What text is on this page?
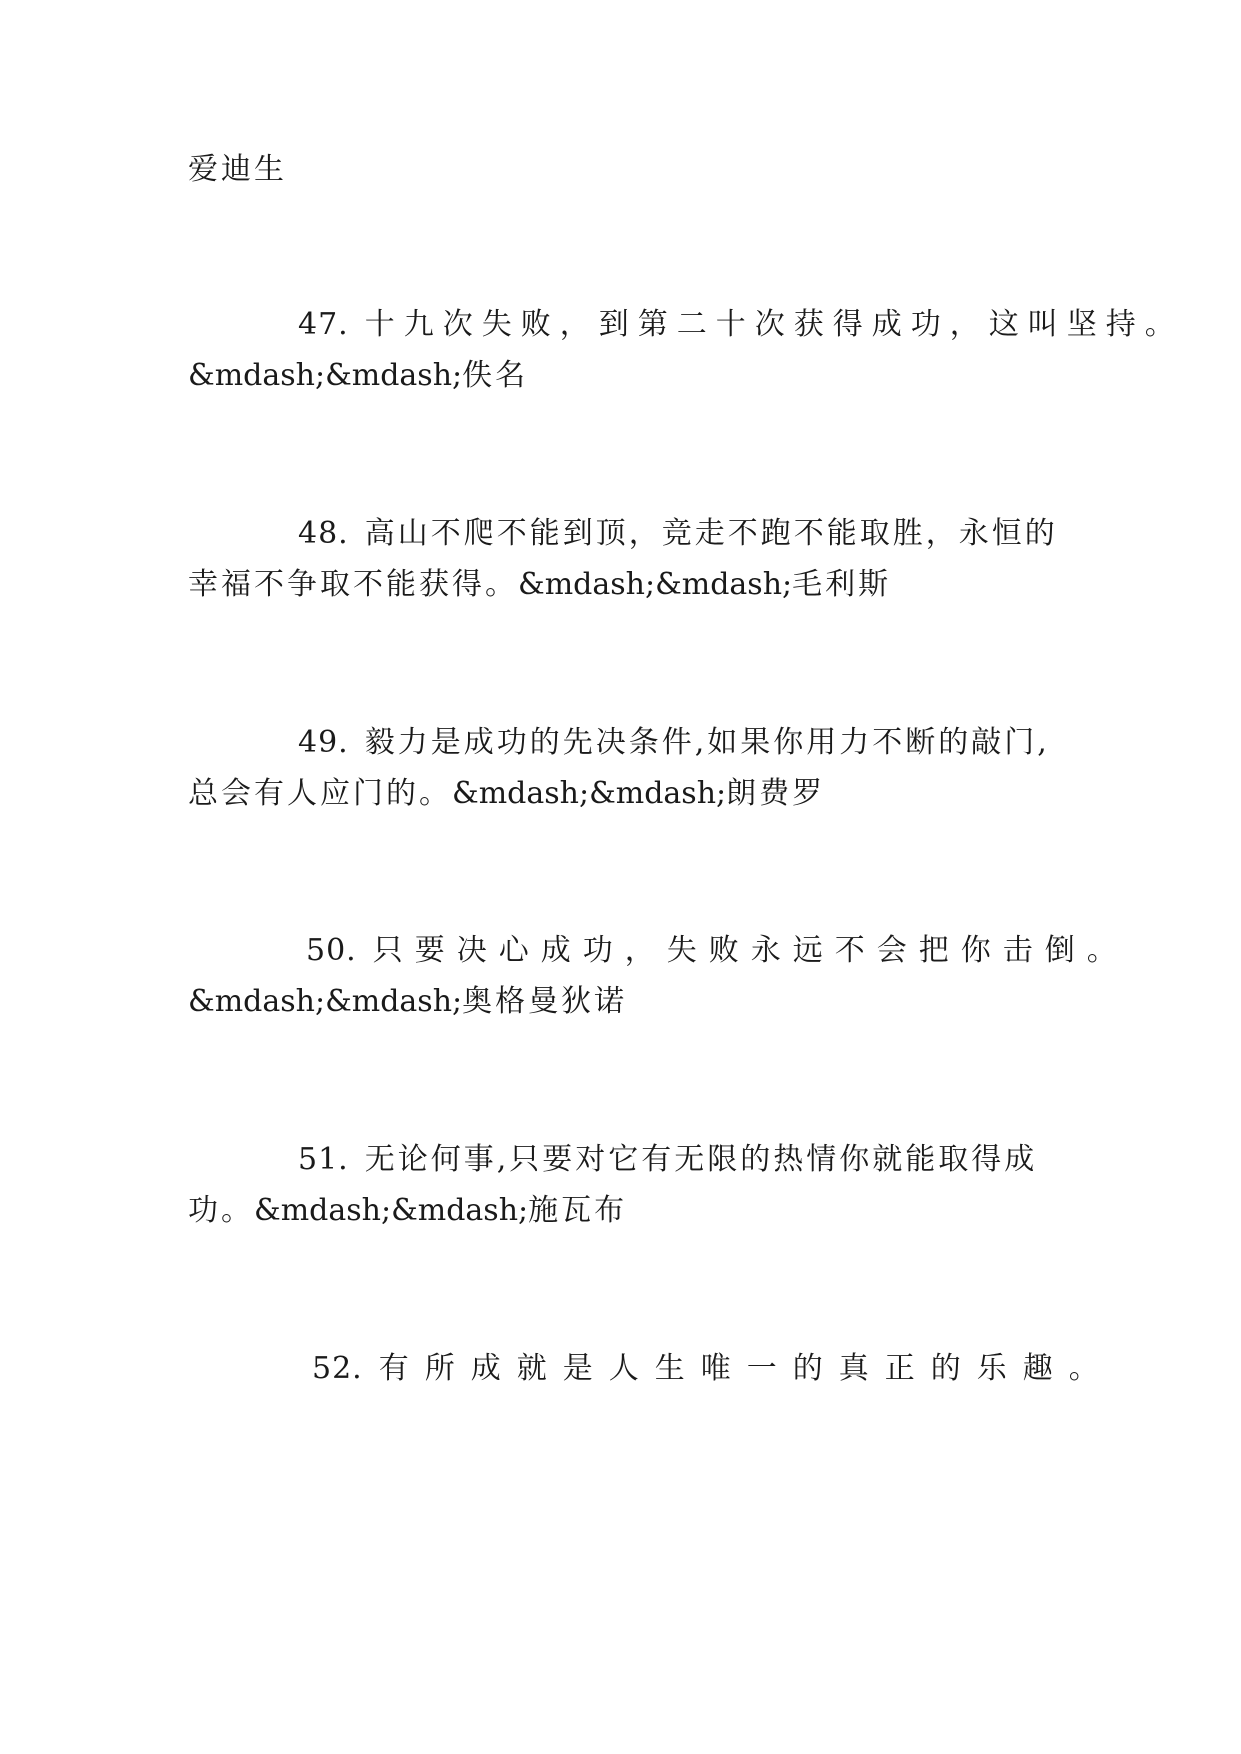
爱迪生
47. 十九次失败，到第二十次获得成功，这叫坚持。
&mdash;&mdash;佚名
48. 高山不爬不能到顶，竞走不跑不能取胜，永恒的
幸福不争取不能获得。&mdash;&mdash;毛利斯
49. 毅力是成功的先决条件,如果你用力不断的敲门,
总会有人应门的。&mdash;&mdash;朗费罗
50. 只要决心成功，失败永远不会把你击倒。
&mdash;&mdash;奥格曼狄诺
51. 无论何事,只要对它有无限的热情你就能取得成
功。&mdash;&mdash;施瓦布
52. 有所成就是人生唯一的真正的乐趣。
